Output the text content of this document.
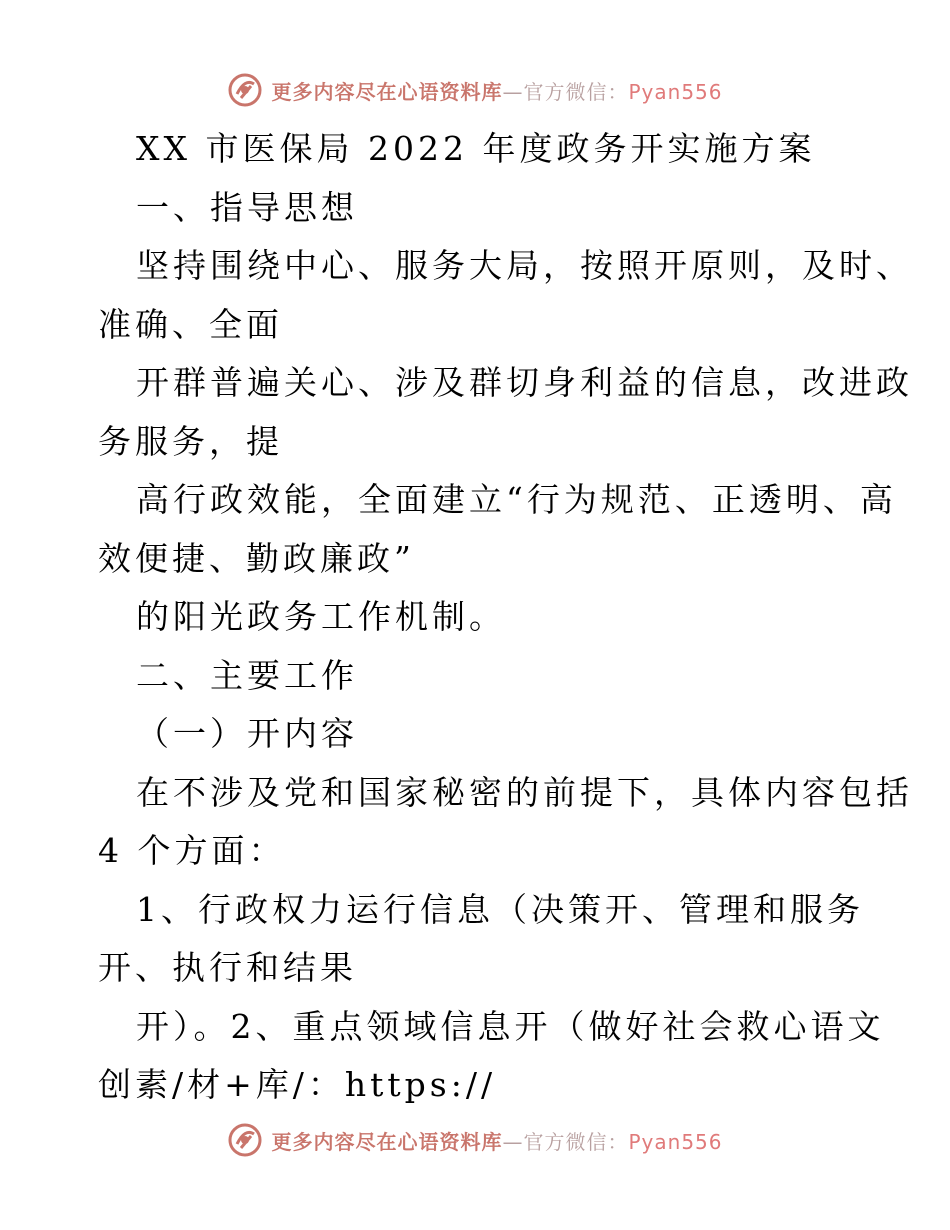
更多内容尽在心语资料库—官方微信：Pyan556
XX 市医保局 2022 年度政务开实施方案
一、指导思想
坚持围绕中心、服务大局，按照开原则，及时、
准确、全面
开群普遍关心、涉及群切身利益的信息，改进政
务服务，提
高行政效能，全面建立“行为规范、正透明、高
效便捷、勤政廉政”
的阳光政务工作机制。
二、主要工作
（一）开内容
在不涉及党和国家秘密的前提下，具体内容包括
4 个方面：
1、行政权力运行信息（决策开、管理和服务
开、执行和结果
开）。2、重点领域信息开（做好社会救心语文
创素/材+库/：https://
更多内容尽在心语资料库—官方微信：Pyan556
